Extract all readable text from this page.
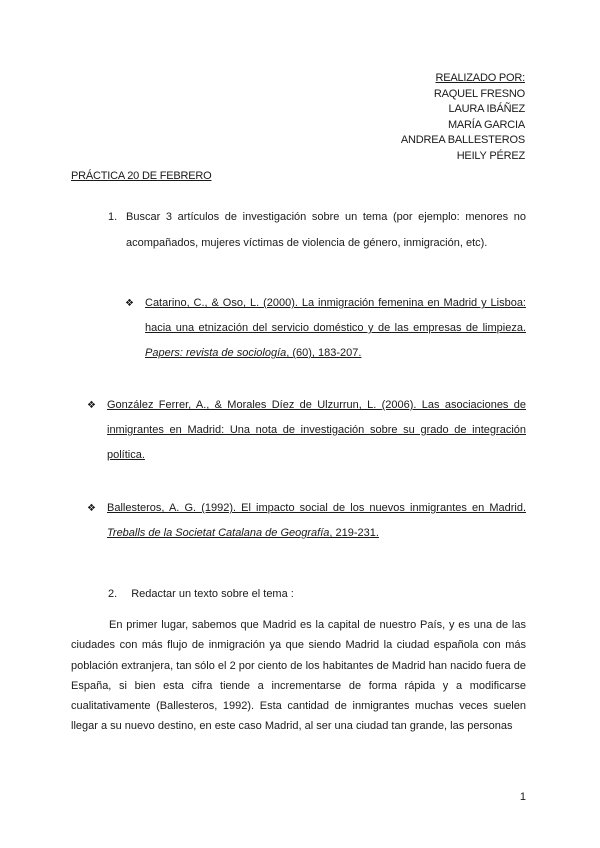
REALIZADO POR:
RAQUEL FRESNO
LAURA IBÁÑEZ
MARÍA GARCIA
ANDREA BALLESTEROS
HEILY PÉREZ
PRÁCTICA 20 DE FEBRERO
1. Buscar 3 artículos de investigación sobre un tema (por ejemplo: menores no acompañados, mujeres víctimas de violencia de género, inmigración, etc).
❖ Catarino, C., & Oso, L. (2000). La inmigración femenina en Madrid y Lisboa: hacia una etnización del servicio doméstico y de las empresas de limpieza. Papers: revista de sociología, (60), 183-207.
❖ González Ferrer, A., & Morales Díez de Ulzurrun, L. (2006). Las asociaciones de inmigrantes en Madrid: Una nota de investigación sobre su grado de integración política.
❖ Ballesteros, A. G. (1992). El impacto social de los nuevos inmigrantes en Madrid. Treballs de la Societat Catalana de Geografía, 219-231.
2. Redactar un texto sobre el tema :
En primer lugar, sabemos que Madrid es la capital de nuestro País, y es una de las ciudades con más flujo de inmigración ya que siendo Madrid la ciudad española con más población extranjera, tan sólo el 2 por ciento de los habitantes de Madrid han nacido fuera de España, si bien esta cifra tiende a incrementarse de forma rápida y a modificarse cualitativamente (Ballesteros, 1992). Esta cantidad de inmigrantes muchas veces suelen llegar a su nuevo destino, en este caso Madrid, al ser una ciudad tan grande, las personas
1
